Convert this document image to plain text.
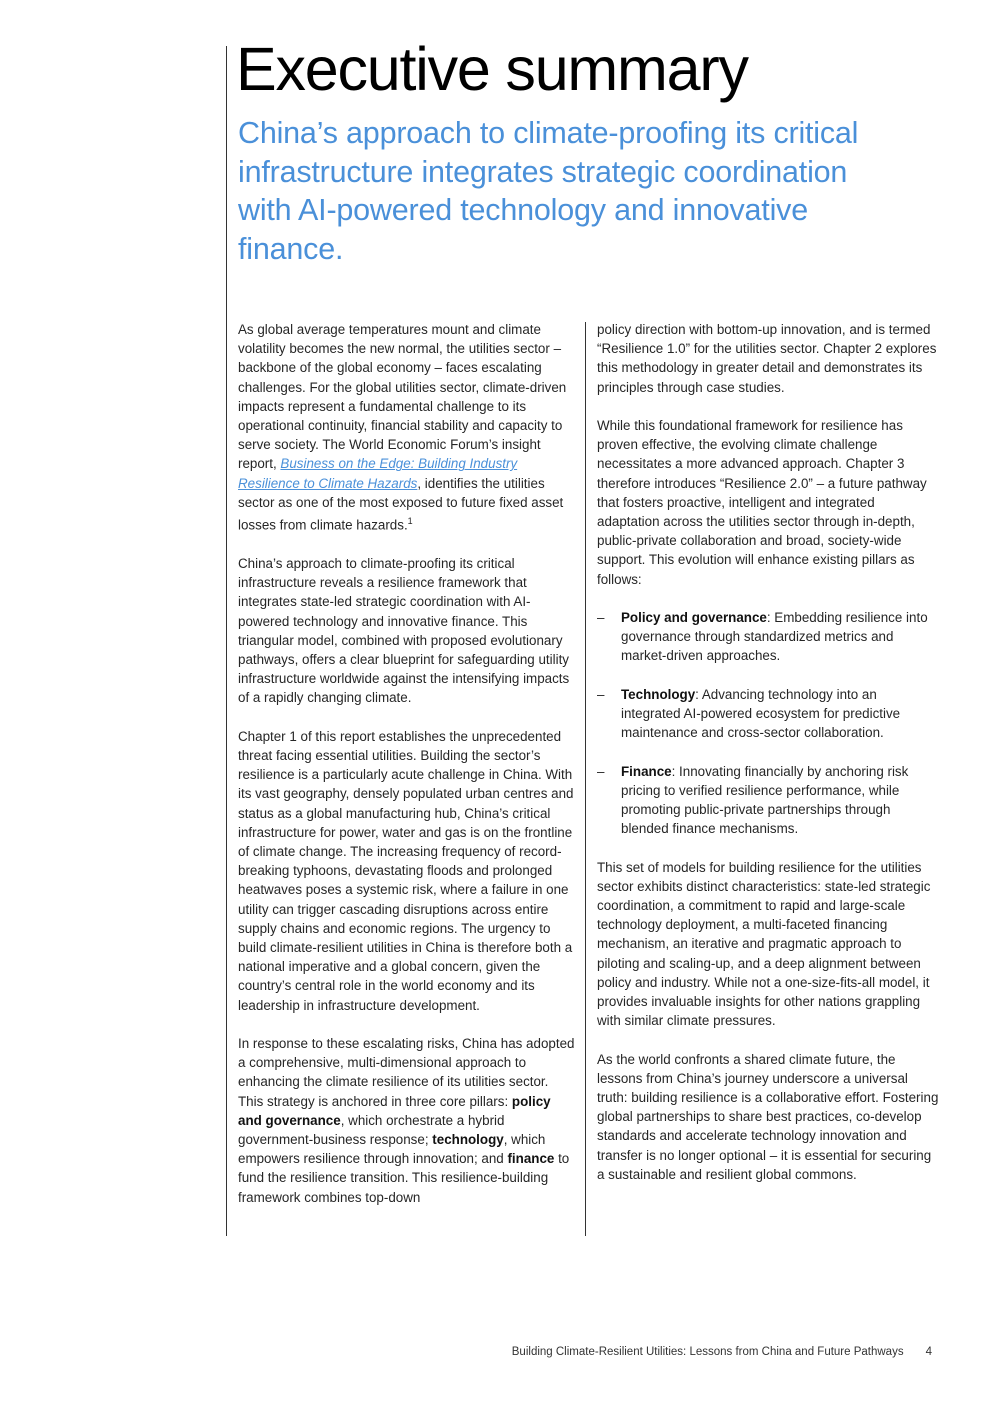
Executive summary

China’s approach to climate-proofing its critical infrastructure integrates strategic coordination with AI-powered technology and innovative finance.

As global average temperatures mount and climate volatility becomes the new normal, the utilities sector – backbone of the global economy – faces escalating challenges. For the global utilities sector, climate-driven impacts represent a fundamental challenge to its operational continuity, financial stability and capacity to serve society. The World Economic Forum’s insight report, Business on the Edge: Building Industry Resilience to Climate Hazards, identifies the utilities sector as one of the most exposed to future fixed asset losses from climate hazards.$^1$

China’s approach to climate-proofing its critical infrastructure reveals a resilience framework that integrates state-led strategic coordination with AI-powered technology and innovative finance. This triangular model, combined with proposed evolutionary pathways, offers a clear blueprint for safeguarding utility infrastructure worldwide against the intensifying impacts of a rapidly changing climate.

Chapter 1 of this report establishes the unprecedented threat facing essential utilities. Building the sector’s resilience is a particularly acute challenge in China. With its vast geography, densely populated urban centres and status as a global manufacturing hub, China’s critical infrastructure for power, water and gas is on the frontline of climate change. The increasing frequency of record-breaking typhoons, devastating floods and prolonged heatwaves poses a systemic risk, where a failure in one utility can trigger cascading disruptions across entire supply chains and economic regions. The urgency to build climate-resilient utilities in China is therefore both a national imperative and a global concern, given the country’s central role in the world economy and its leadership in infrastructure development.

In response to these escalating risks, China has adopted a comprehensive, multi-dimensional approach to enhancing the climate resilience of its utilities sector. This strategy is anchored in three core pillars: policy and governance, which orchestrate a hybrid government-business response; technology, which empowers resilience through innovation; and finance to fund the resilience transition. This resilience-building framework combines top-down

policy direction with bottom-up innovation, and is termed “Resilience 1.0” for the utilities sector. Chapter 2 explores this methodology in greater detail and demonstrates its principles through case studies.

While this foundational framework for resilience has proven effective, the evolving climate challenge necessitates a more advanced approach. Chapter 3 therefore introduces “Resilience 2.0” – a future pathway that fosters proactive, intelligent and integrated adaptation across the utilities sector through in-depth, public-private collaboration and broad, society-wide support. This evolution will enhance existing pillars as follows:

– Policy and governance: Embedding resilience into governance through standardized metrics and market-driven approaches.
– Technology: Advancing technology into an integrated AI-powered ecosystem for predictive maintenance and cross-sector collaboration.
– Finance: Innovating financially by anchoring risk pricing to verified resilience performance, while promoting public-private partnerships through blended finance mechanisms.

This set of models for building resilience for the utilities sector exhibits distinct characteristics: state-led strategic coordination, a commitment to rapid and large-scale technology deployment, a multi-faceted financing mechanism, an iterative and pragmatic approach to piloting and scaling-up, and a deep alignment between policy and industry. While not a one-size-fits-all model, it provides invaluable insights for other nations grappling with similar climate pressures.

As the world confronts a shared climate future, the lessons from China’s journey underscore a universal truth: building resilience is a collaborative effort. Fostering global partnerships to share best practices, co-develop standards and accelerate technology innovation and transfer is no longer optional – it is essential for securing a sustainable and resilient global commons.

Building Climate-Resilient Utilities: Lessons from China and Future Pathways 4
